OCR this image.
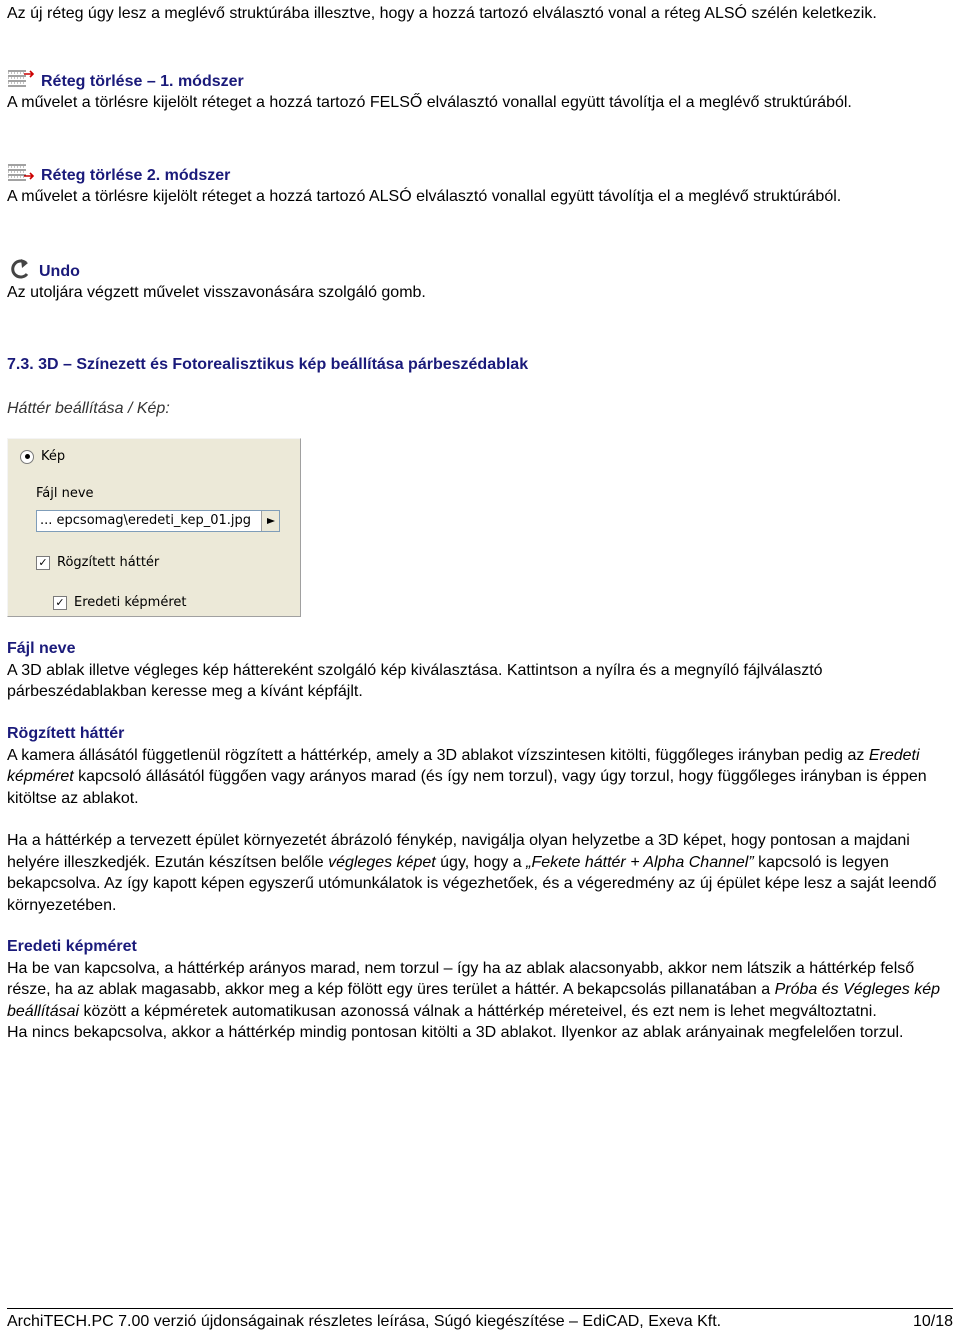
Az új réteg úgy lesz a meglévő struktúrába illesztve, hogy a hozzá tartozó elválasztó vonal a réteg ALSÓ szélén keletkezik.

Réteg törlése – 1. módszer

A művelet a törlésre kijelölt réteget a hozzá tartozó FELSŐ elválasztó vonallal együtt távolítja el a meglévő struktúrából.

Réteg törlése 2. módszer

A művelet a törlésre kijelölt réteget a hozzá tartozó ALSÓ elválasztó vonallal együtt távolítja el a meglévő struktúrából.

Undo

Az utoljára végzett művelet visszavonására szolgáló gomb.

7.3. 3D – Színezett és Fotorealisztikus kép beállítása párbeszédablak

Háttér beállítása / Kép:

Kép
Fájl neve
... epcsomag\eredeti_kep_01.jpg
✓ Rögzített háttér
✓ Eredeti képméret

Fájl neve

A 3D ablak illetve végleges kép háttereként szolgáló kép kiválasztása. Kattintson a nyílra és a megnyíló fájlválasztó párbeszédablakban keresse meg a kívánt képfájlt.

Rögzített háttér

A kamera állásától függetlenül rögzített a háttérkép, amely a 3D ablakot vízszintesen kitölti, függőleges irányban pedig az Eredeti képméret kapcsoló állásától függően vagy arányos marad (és így nem torzul), vagy úgy torzul, hogy függőleges irányban is éppen kitöltse az ablakot.

Ha a háttérkép a tervezett épület környezetét ábrázoló fénykép, navigálja olyan helyzetbe a 3D képet, hogy pontosan a majdani helyére illeszkedjék. Ezután készítsen belőle végleges képet úgy, hogy a „Fekete háttér + Alpha Channel” kapcsoló is legyen bekapcsolva. Az így kapott képen egyszerű utómunkálatok is végezhetőek, és a végeredmény az új épület képe lesz a saját leendő környezetében.

Eredeti képméret

Ha be van kapcsolva, a háttérkép arányos marad, nem torzul – így ha az ablak alacsonyabb, akkor nem látszik a háttérkép felső része, ha az ablak magasabb, akkor meg a kép fölött egy üres terület a háttér. A bekapcsolás pillanatában a Próba és Végleges kép beállításai között a képméretek automatikusan azonossá válnak a háttérkép méreteivel, és ezt nem is lehet megváltoztatni.

Ha nincs bekapcsolva, akkor a háttérkép mindig pontosan kitölti a 3D ablakot. Ilyenkor az ablak arányainak megfelelően torzul.

ArchiTECH.PC 7.00 verzió újdonságainak részletes leírása, Súgó kiegészítése – EdiCAD, Exeva Kft.	10/18
